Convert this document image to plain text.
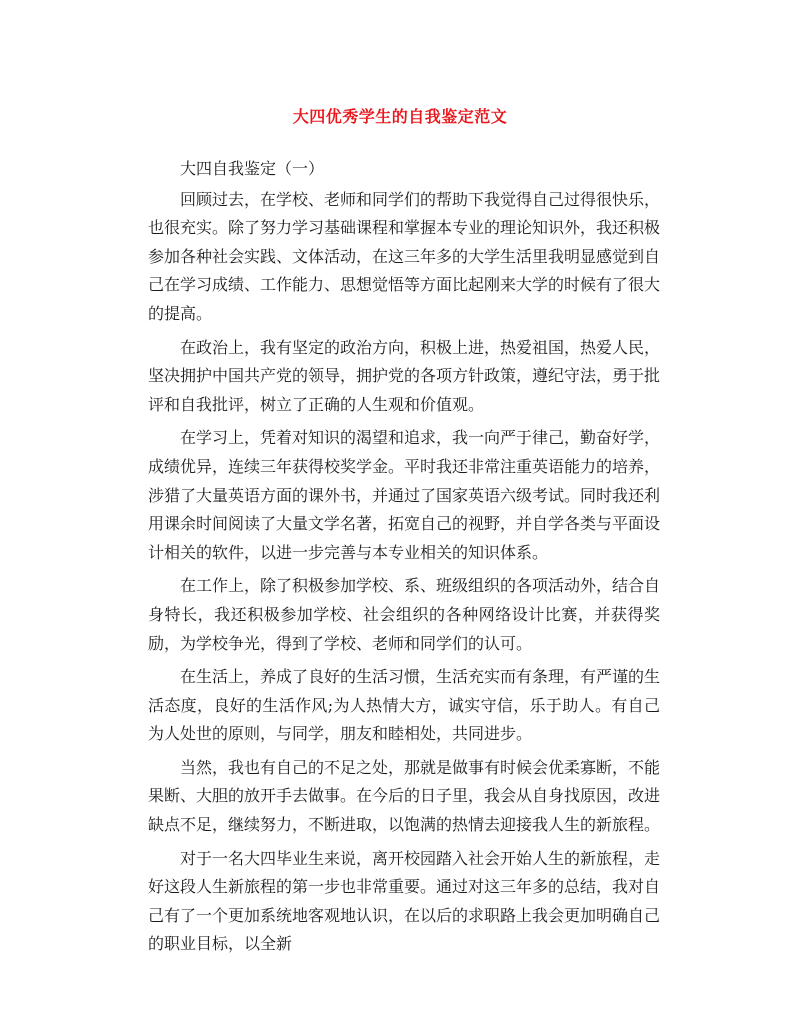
大四优秀学生的自我鉴定范文

大四自我鉴定（一）

回顾过去，在学校、老师和同学们的帮助下我觉得自己过得很快乐，也很充实。除了努力学习基础课程和掌握本专业的理论知识外，我还积极参加各种社会实践、文体活动，在这三年多的大学生活里我明显感觉到自己在学习成绩、工作能力、思想觉悟等方面比起刚来大学的时候有了很大的提高。

在政治上，我有坚定的政治方向，积极上进，热爱祖国，热爱人民，坚决拥护中国共产党的领导，拥护党的各项方针政策，遵纪守法，勇于批评和自我批评，树立了正确的人生观和价值观。

在学习上，凭着对知识的渴望和追求，我一向严于律己，勤奋好学，成绩优异，连续三年获得校奖学金。平时我还非常注重英语能力的培养，涉猎了大量英语方面的课外书，并通过了国家英语六级考试。同时我还利用课余时间阅读了大量文学名著，拓宽自己的视野，并自学各类与平面设计相关的软件，以进一步完善与本专业相关的知识体系。

在工作上，除了积极参加学校、系、班级组织的各项活动外，结合自身特长，我还积极参加学校、社会组织的各种网络设计比赛，并获得奖励，为学校争光，得到了学校、老师和同学们的认可。

在生活上，养成了良好的生活习惯，生活充实而有条理，有严谨的生活态度，良好的生活作风;为人热情大方，诚实守信，乐于助人。有自己为人处世的原则，与同学，朋友和睦相处，共同进步。

当然，我也有自己的不足之处，那就是做事有时候会优柔寡断，不能果断、大胆的放开手去做事。在今后的日子里，我会从自身找原因，改进缺点不足，继续努力，不断进取，以饱满的热情去迎接我人生的新旅程。

对于一名大四毕业生来说，离开校园踏入社会开始人生的新旅程，走好这段人生新旅程的第一步也非常重要。通过对这三年多的总结，我对自己有了一个更加系统地客观地认识，在以后的求职路上我会更加明确自己的职业目标，以全新
